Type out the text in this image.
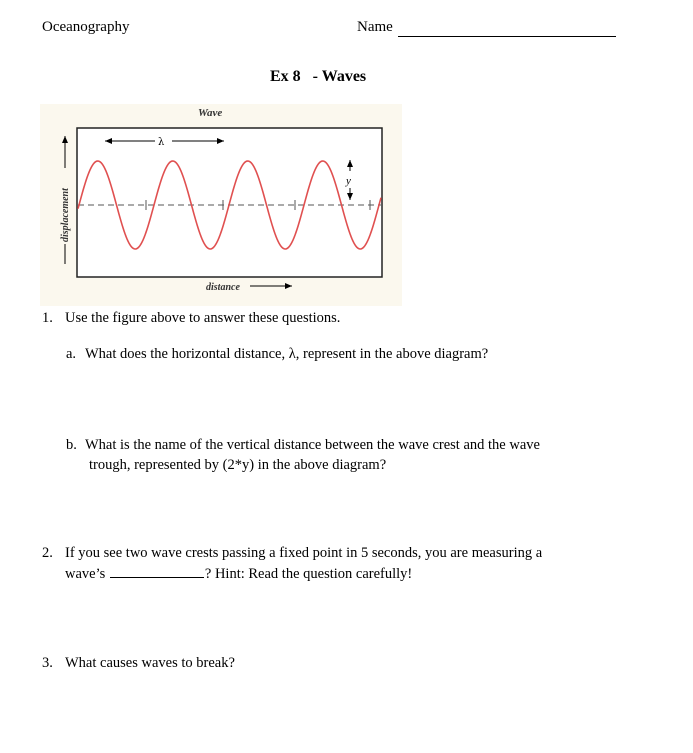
Oceanography	Name
Ex 8 - Waves
Wave
displacement
distance
λ
y
1. Use the figure above to answer these questions.
a. What does the horizontal distance, λ, represent in the above diagram?
b. What is the name of the vertical distance between the wave crest and the wave
trough, represented by (2*y) in the above diagram?
2. If you see two wave crests passing a fixed point in 5 seconds, you are measuring a
wave’s	? Hint: Read the question carefully!
3. What causes waves to break?
